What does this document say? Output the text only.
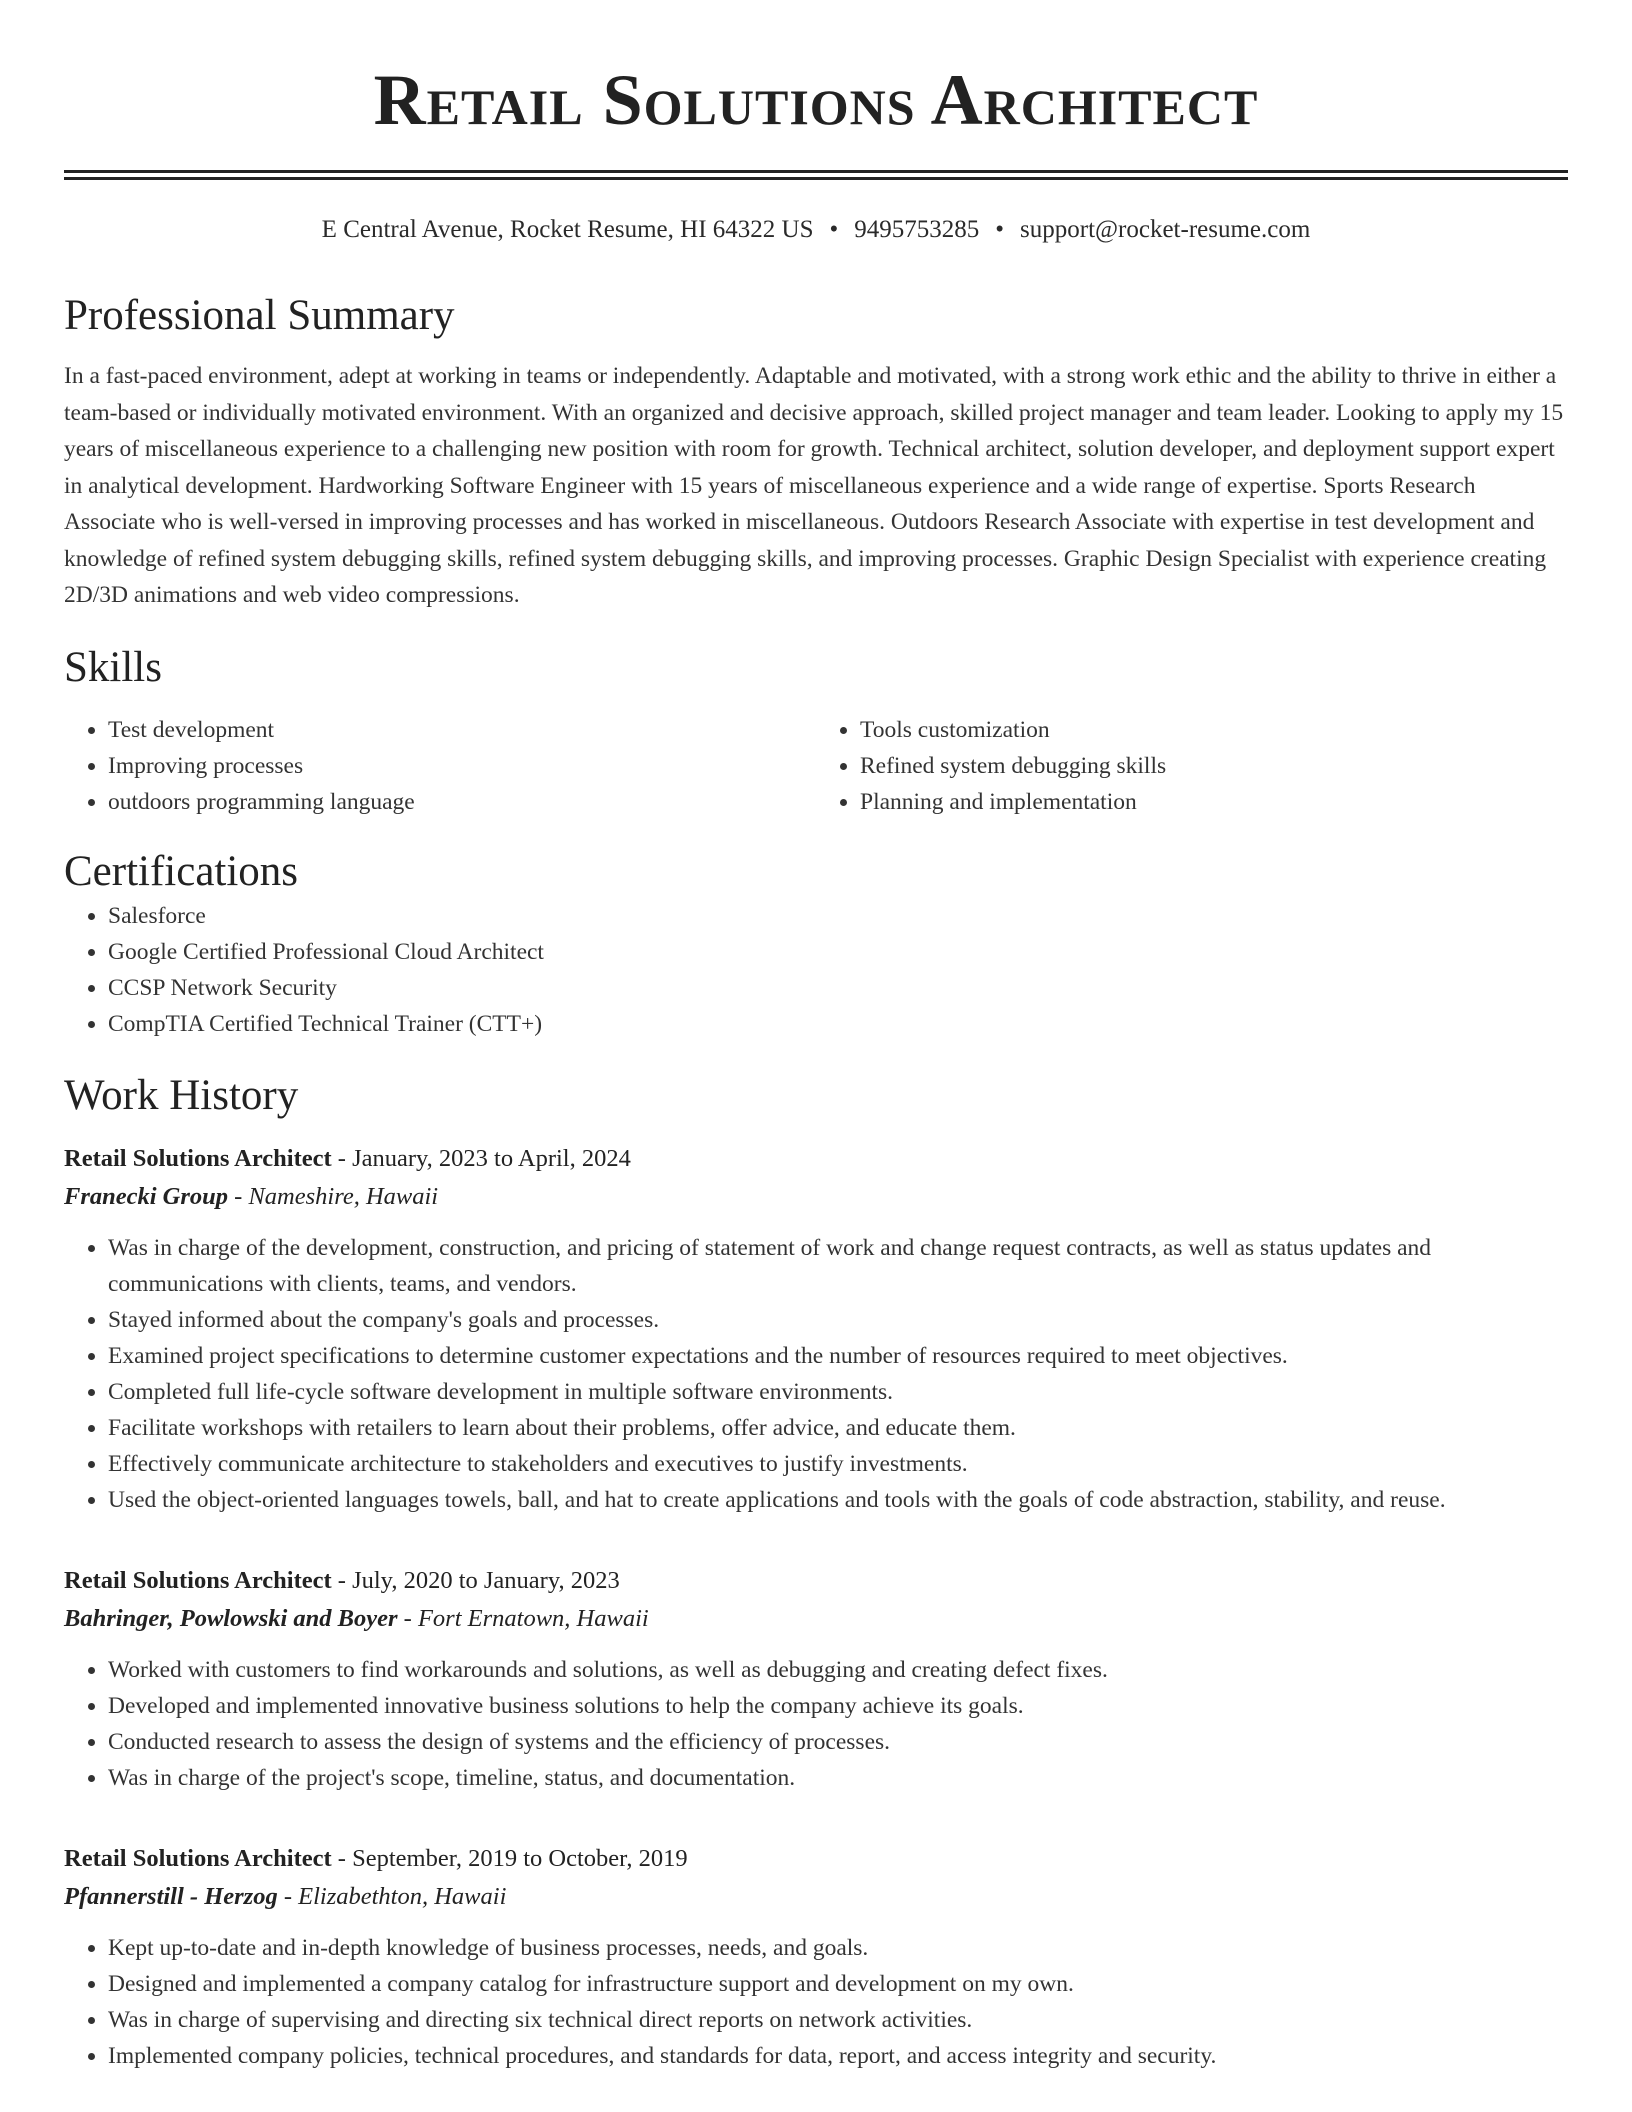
Retail Solutions Architect
E Central Avenue, Rocket Resume, HI 64322 US • 9495753285 • support@rocket-resume.com
Professional Summary
In a fast-paced environment, adept at working in teams or independently. Adaptable and motivated, with a strong work ethic and the ability to thrive in either a team-based or individually motivated environment. With an organized and decisive approach, skilled project manager and team leader. Looking to apply my 15 years of miscellaneous experience to a challenging new position with room for growth. Technical architect, solution developer, and deployment support expert in analytical development. Hardworking Software Engineer with 15 years of miscellaneous experience and a wide range of expertise. Sports Research Associate who is well-versed in improving processes and has worked in miscellaneous. Outdoors Research Associate with expertise in test development and knowledge of refined system debugging skills, refined system debugging skills, and improving processes. Graphic Design Specialist with experience creating 2D/3D animations and web video compressions.
Skills
• Test development
• Improving processes
• outdoors programming language
• Tools customization
• Refined system debugging skills
• Planning and implementation
Certifications
• Salesforce
• Google Certified Professional Cloud Architect
• CCSP Network Security
• CompTIA Certified Technical Trainer (CTT+)
Work History
Retail Solutions Architect - January, 2023 to April, 2024
Franecki Group - Nameshire, Hawaii
• Was in charge of the development, construction, and pricing of statement of work and change request contracts, as well as status updates and communications with clients, teams, and vendors.
• Stayed informed about the company's goals and processes.
• Examined project specifications to determine customer expectations and the number of resources required to meet objectives.
• Completed full life-cycle software development in multiple software environments.
• Facilitate workshops with retailers to learn about their problems, offer advice, and educate them.
• Effectively communicate architecture to stakeholders and executives to justify investments.
• Used the object-oriented languages towels, ball, and hat to create applications and tools with the goals of code abstraction, stability, and reuse.
Retail Solutions Architect - July, 2020 to January, 2023
Bahringer, Powlowski and Boyer - Fort Ernatown, Hawaii
• Worked with customers to find workarounds and solutions, as well as debugging and creating defect fixes.
• Developed and implemented innovative business solutions to help the company achieve its goals.
• Conducted research to assess the design of systems and the efficiency of processes.
• Was in charge of the project's scope, timeline, status, and documentation.
Retail Solutions Architect - September, 2019 to October, 2019
Pfannerstill - Herzog - Elizabethton, Hawaii
• Kept up-to-date and in-depth knowledge of business processes, needs, and goals.
• Designed and implemented a company catalog for infrastructure support and development on my own.
• Was in charge of supervising and directing six technical direct reports on network activities.
• Implemented company policies, technical procedures, and standards for data, report, and access integrity and security.
